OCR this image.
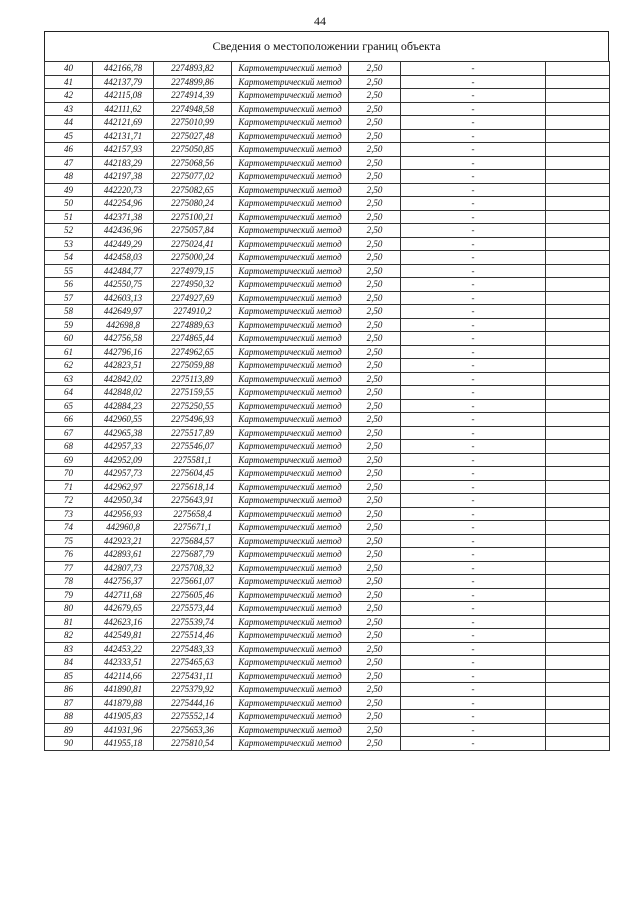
44
Сведения о местоположении границ объекта
40	442166,78	2274893,82	Картометрический метод	2,50	-	
41	442137,79	2274899,86	Картометрический метод	2,50	-	
42	442115,08	2274914,39	Картометрический метод	2,50	-	
43	442111,62	2274948,58	Картометрический метод	2,50	-	
44	442121,69	2275010,99	Картометрический метод	2,50	-	
45	442131,71	2275027,48	Картометрический метод	2,50	-	
46	442157,93	2275050,85	Картометрический метод	2,50	-	
47	442183,29	2275068,56	Картометрический метод	2,50	-	
48	442197,38	2275077,02	Картометрический метод	2,50	-	
49	442220,73	2275082,65	Картометрический метод	2,50	-	
50	442254,96	2275080,24	Картометрический метод	2,50	-	
51	442371,38	2275100,21	Картометрический метод	2,50	-	
52	442436,96	2275057,84	Картометрический метод	2,50	-	
53	442449,29	2275024,41	Картометрический метод	2,50	-	
54	442458,03	2275000,24	Картометрический метод	2,50	-	
55	442484,77	2274979,15	Картометрический метод	2,50	-	
56	442550,75	2274950,32	Картометрический метод	2,50	-	
57	442603,13	2274927,69	Картометрический метод	2,50	-	
58	442649,97	2274910,2	Картометрический метод	2,50	-	
59	442698,8	2274889,63	Картометрический метод	2,50	-	
60	442756,58	2274865,44	Картометрический метод	2,50	-	
61	442796,16	2274962,65	Картометрический метод	2,50	-	
62	442823,51	2275059,88	Картометрический метод	2,50	-	
63	442842,02	2275113,89	Картометрический метод	2,50	-	
64	442848,02	2275159,55	Картометрический метод	2,50	-	
65	442884,23	2275250,55	Картометрический метод	2,50	-	
66	442960,55	2275496,93	Картометрический метод	2,50	-	
67	442965,38	2275517,89	Картометрический метод	2,50	-	
68	442957,33	2275546,07	Картометрический метод	2,50	-	
69	442952,09	2275581,1	Картометрический метод	2,50	-	
70	442957,73	2275604,45	Картометрический метод	2,50	-	
71	442962,97	2275618,14	Картометрический метод	2,50	-	
72	442950,34	2275643,91	Картометрический метод	2,50	-	
73	442956,93	2275658,4	Картометрический метод	2,50	-	
74	442960,8	2275671,1	Картометрический метод	2,50	-	
75	442923,21	2275684,57	Картометрический метод	2,50	-	
76	442893,61	2275687,79	Картометрический метод	2,50	-	
77	442807,73	2275708,32	Картометрический метод	2,50	-	
78	442756,37	2275661,07	Картометрический метод	2,50	-	
79	442711,68	2275605,46	Картометрический метод	2,50	-	
80	442679,65	2275573,44	Картометрический метод	2,50	-	
81	442623,16	2275539,74	Картометрический метод	2,50	-	
82	442549,81	2275514,46	Картометрический метод	2,50	-	
83	442453,22	2275483,33	Картометрический метод	2,50	-	
84	442333,51	2275465,63	Картометрический метод	2,50	-	
85	442114,66	2275431,11	Картометрический метод	2,50	-	
86	441890,81	2275379,92	Картометрический метод	2,50	-	
87	441879,88	2275444,16	Картометрический метод	2,50	-	
88	441905,83	2275552,14	Картометрический метод	2,50	-	
89	441931,96	2275653,36	Картометрический метод	2,50	-	
90	441955,18	2275810,54	Картометрический метод	2,50	-	
